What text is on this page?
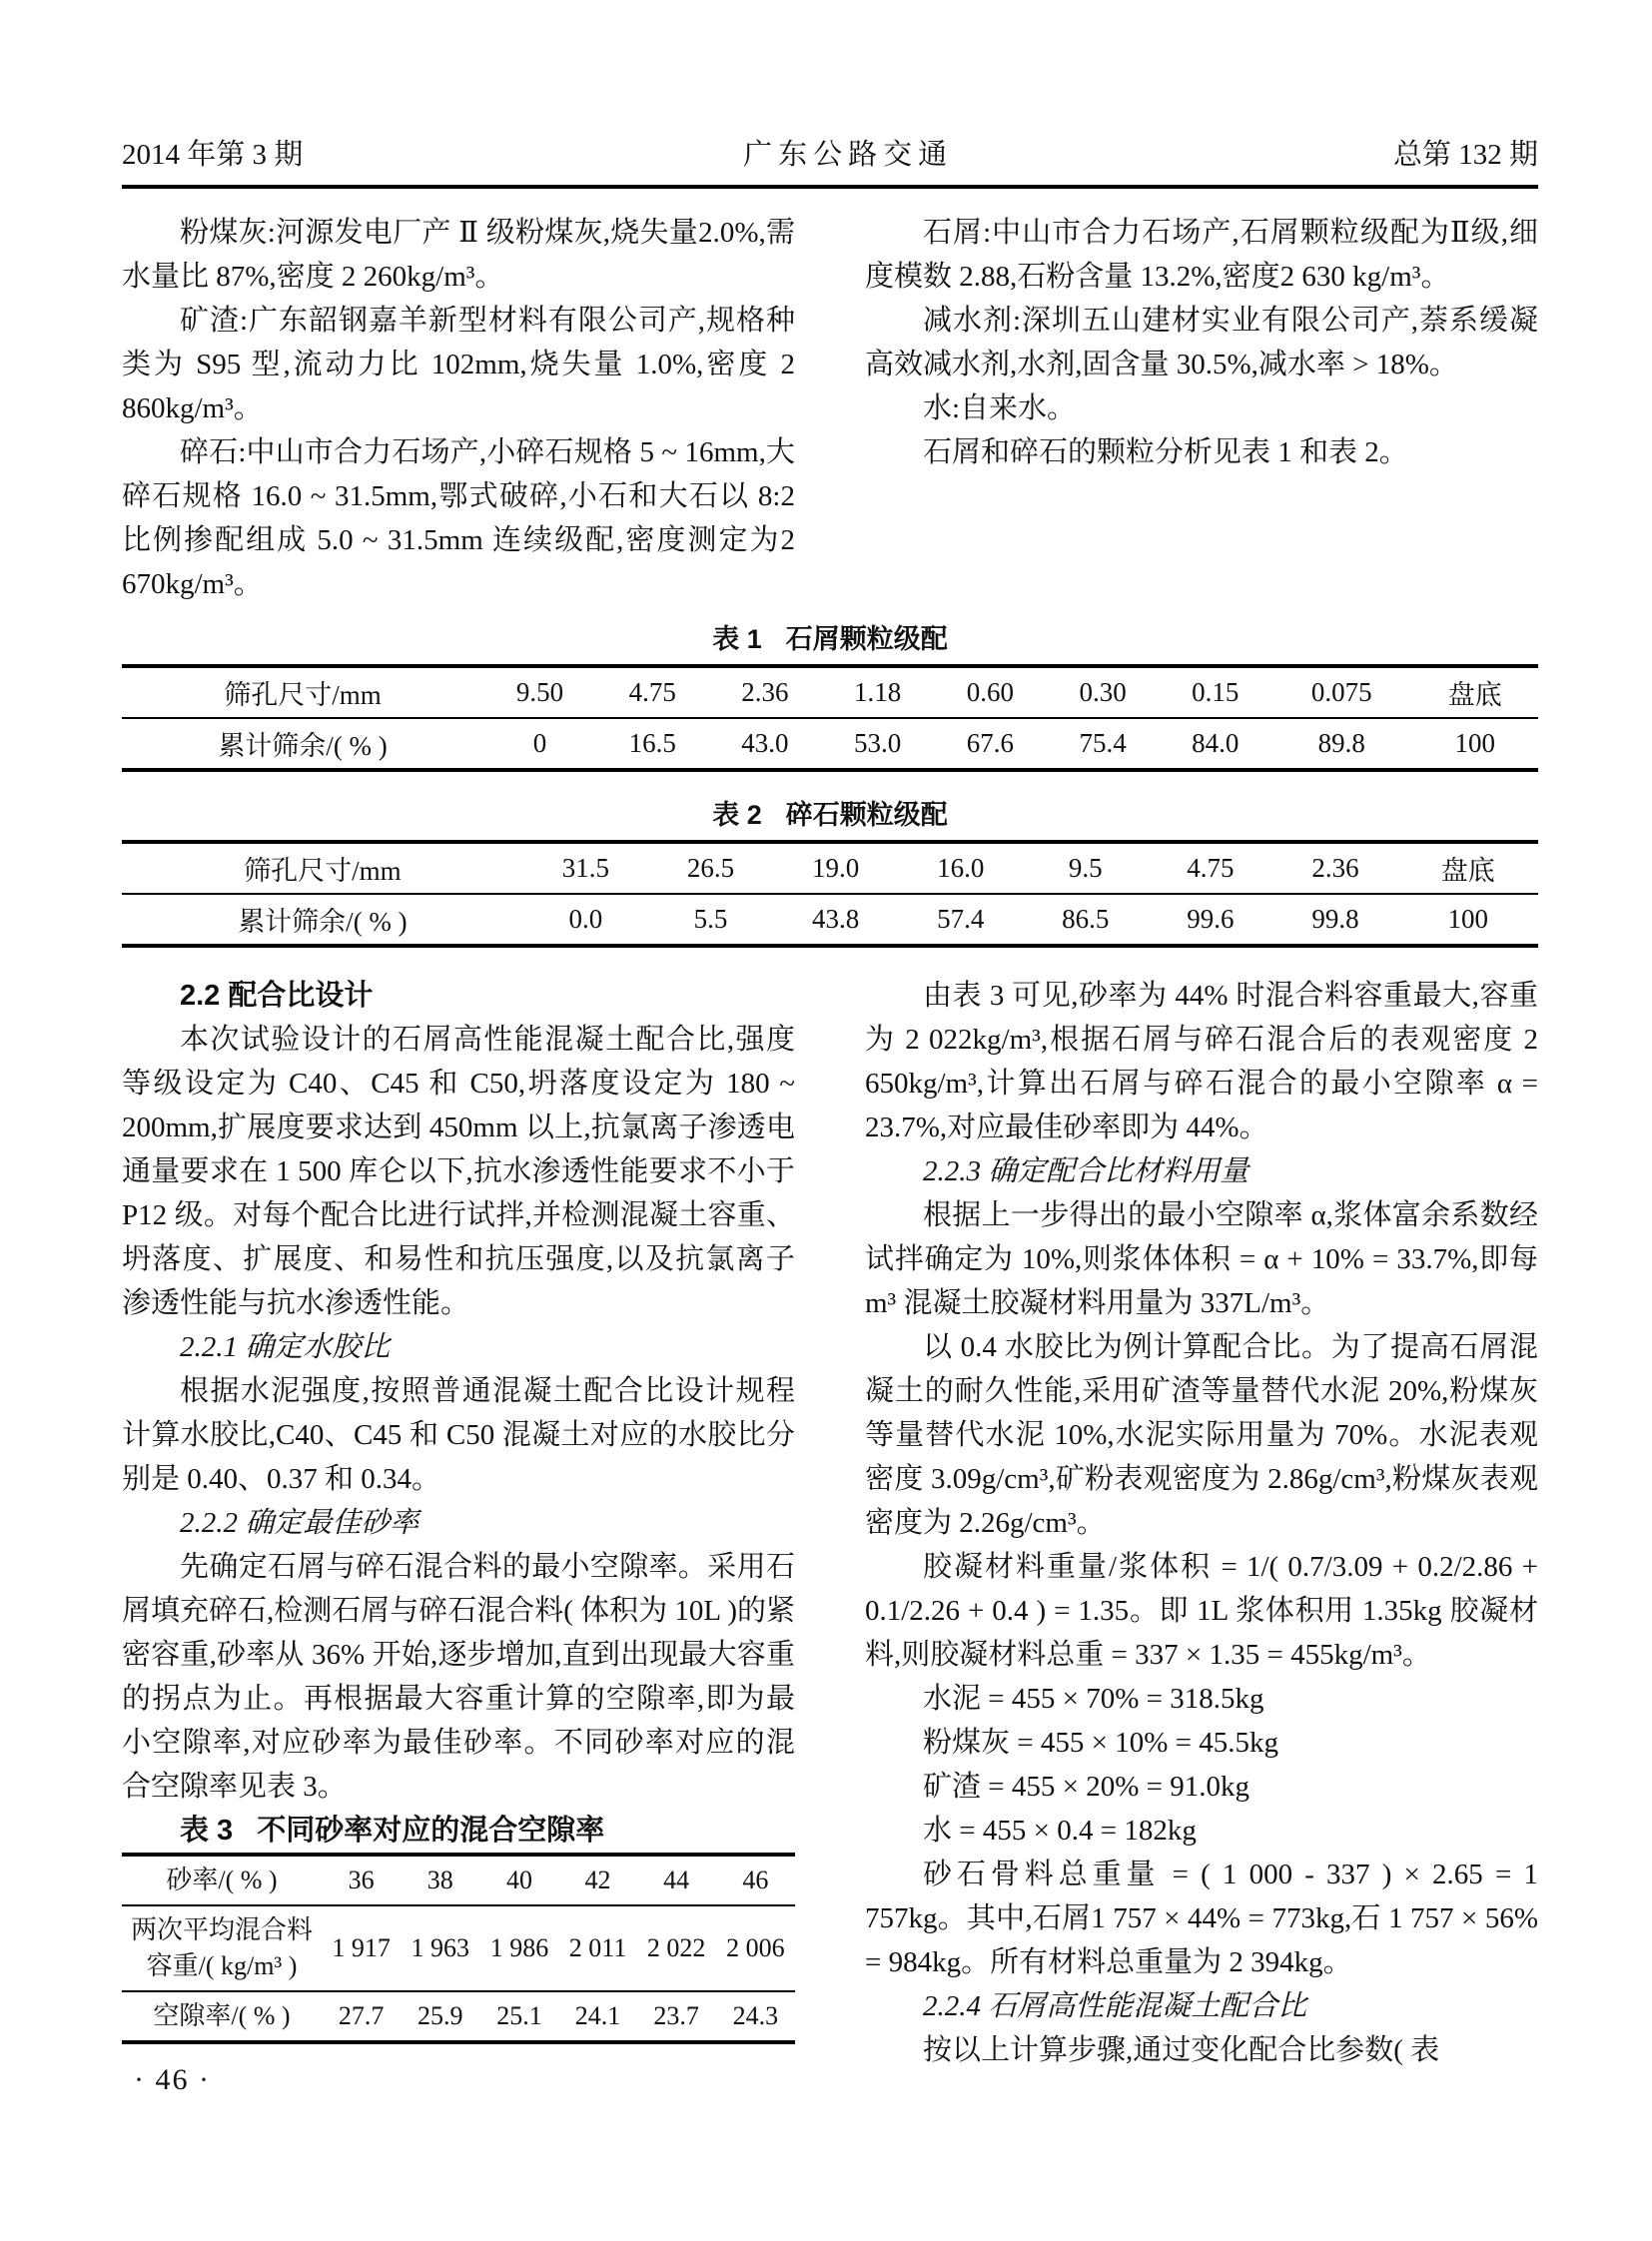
2014 年第 3 期	广东公路交通	总第 132 期

粉煤灰:河源发电厂产 Ⅱ 级粉煤灰,烧失量2.0%,需水量比 87%,密度 2 260kg/m³。

矿渣:广东韶钢嘉羊新型材料有限公司产,规格种类为 S95 型,流动力比 102mm,烧失量 1.0%,密度 2 860kg/m³。

碎石:中山市合力石场产,小碎石规格 5 ~ 16mm,大碎石规格 16.0 ~ 31.5mm,鄂式破碎,小石和大石以 8:2 比例掺配组成 5.0 ~ 31.5mm 连续级配,密度测定为2 670kg/m³。

石屑:中山市合力石场产,石屑颗粒级配为Ⅱ级,细度模数 2.88,石粉含量 13.2%,密度2 630 kg/m³。

减水剂:深圳五山建材实业有限公司产,萘系缓凝高效减水剂,水剂,固含量 30.5%,减水率 > 18%。

水:自来水。

石屑和碎石的颗粒分析见表 1 和表 2。

表 1 石屑颗粒级配

筛孔尺寸/mm	9.50	4.75	2.36	1.18	0.60	0.30	0.15	0.075	盘底
累计筛余/( % )	0	16.5	43.0	53.0	67.6	75.4	84.0	89.8	100

表 2 碎石颗粒级配

筛孔尺寸/mm	31.5	26.5	19.0	16.0	9.5	4.75	2.36	盘底
累计筛余/( % )	0.0	5.5	43.8	57.4	86.5	99.6	99.8	100

2.2 配合比设计

本次试验设计的石屑高性能混凝土配合比,强度等级设定为 C40、C45 和 C50,坍落度设定为 180 ~ 200mm,扩展度要求达到 450mm 以上,抗氯离子渗透电通量要求在 1 500 库仑以下,抗水渗透性能要求不小于 P12 级。对每个配合比进行试拌,并检测混凝土容重、坍落度、扩展度、和易性和抗压强度,以及抗氯离子渗透性能与抗水渗透性能。

2.2.1 确定水胶比

根据水泥强度,按照普通混凝土配合比设计规程计算水胶比,C40、C45 和 C50 混凝土对应的水胶比分别是 0.40、0.37 和 0.34。

2.2.2 确定最佳砂率

先确定石屑与碎石混合料的最小空隙率。采用石屑填充碎石,检测石屑与碎石混合料( 体积为 10L )的紧密容重,砂率从 36% 开始,逐步增加,直到出现最大容重的拐点为止。再根据最大容重计算的空隙率,即为最小空隙率,对应砂率为最佳砂率。不同砂率对应的混合空隙率见表 3。

表 3 不同砂率对应的混合空隙率

砂率/( % )	36	38	40	42	44	46
两次平均混合料容重/( kg/m³ )	1 917	1 963	1 986	2 011	2 022	2 006
空隙率/( % )	27.7	25.9	25.1	24.1	23.7	24.3

由表 3 可见,砂率为 44% 时混合料容重最大,容重为 2 022kg/m³,根据石屑与碎石混合后的表观密度 2 650kg/m³,计算出石屑与碎石混合的最小空隙率 α = 23.7%,对应最佳砂率即为 44%。

2.2.3 确定配合比材料用量

根据上一步得出的最小空隙率 α,浆体富余系数经试拌确定为 10%,则浆体体积 = α + 10% = 33.7%,即每 m³ 混凝土胶凝材料用量为 337L/m³。

以 0.4 水胶比为例计算配合比。为了提高石屑混凝土的耐久性能,采用矿渣等量替代水泥 20%,粉煤灰等量替代水泥 10%,水泥实际用量为 70%。水泥表观密度 3.09g/cm³,矿粉表观密度为 2.86g/cm³,粉煤灰表观密度为 2.26g/cm³。

胶凝材料重量/浆体积 = 1/( 0.7/3.09 + 0.2/2.86 + 0.1/2.26 + 0.4 ) = 1.35。即 1L 浆体积用 1.35kg 胶凝材料,则胶凝材料总重 = 337 × 1.35 = 455kg/m³。

水泥 = 455 × 70% = 318.5kg

粉煤灰 = 455 × 10% = 45.5kg

矿渣 = 455 × 20% = 91.0kg

水 = 455 × 0.4 = 182kg

砂石骨料总重量 = ( 1 000 - 337 ) × 2.65 = 1 757kg。其中,石屑1 757 × 44% = 773kg,石 1 757 × 56% = 984kg。所有材料总重量为 2 394kg。

2.2.4 石屑高性能混凝土配合比

按以上计算步骤,通过变化配合比参数( 表

· 46 ·
